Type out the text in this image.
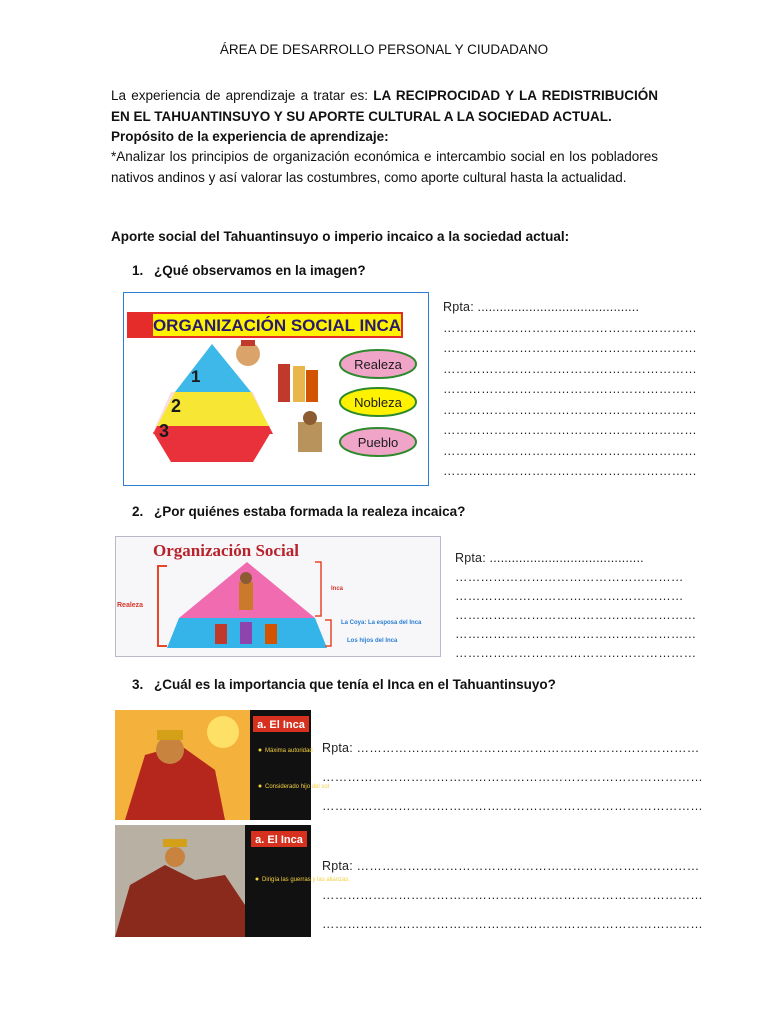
ÁREA DE DESARROLLO PERSONAL Y CIUDADANO
La experiencia de aprendizaje a tratar es: LA RECIPROCIDAD Y LA REDISTRIBUCIÓN EN EL TAHUANTINSUYO Y SU APORTE CULTURAL A LA SOCIEDAD ACTUAL.
Propósito de la experiencia de aprendizaje:
*Analizar los principios de organización económica e intercambio social en los pobladores nativos andinos y así valorar las costumbres, como aporte cultural hasta la actualidad.
Aporte social del Tahuantinsuyo o imperio incaico a la sociedad actual:
1. ¿Qué observamos en la imagen?
ORGANIZACIÓN SOCIAL INCA
1
2
3
Realeza
Nobleza
Pueblo
Rpta: ............................................
……………………………………………………
……………………………………………………
……………………………………………………
……………………………………………………
……………………………………………………
……………………………………………………
……………………………………………………
……………………………………………………
2. ¿Por quiénes estaba formada la realeza incaica?
Organización Social
Realeza
Inca
La Coya: La esposa del Inca
Los hijos del Inca
Rpta: ..........................................
………………………………………………
………………………………………………
…………………………………………………
…………………………………………………
…………………………………………………
3. ¿Cuál es la importancia que tenía el Inca en el Tahuantinsuyo?
a. El Inca
Máxima autoridad
Considerado hijo del sol
Rpta: ………………………………………………………………………
………………………………………………………………………………
………………………………………………………………………………
a. El Inca
Dirigía las guerras y las alianzas.
Rpta: ………………………………………………………………………
………………………………………………………………………………
………………………………………………………………………………
